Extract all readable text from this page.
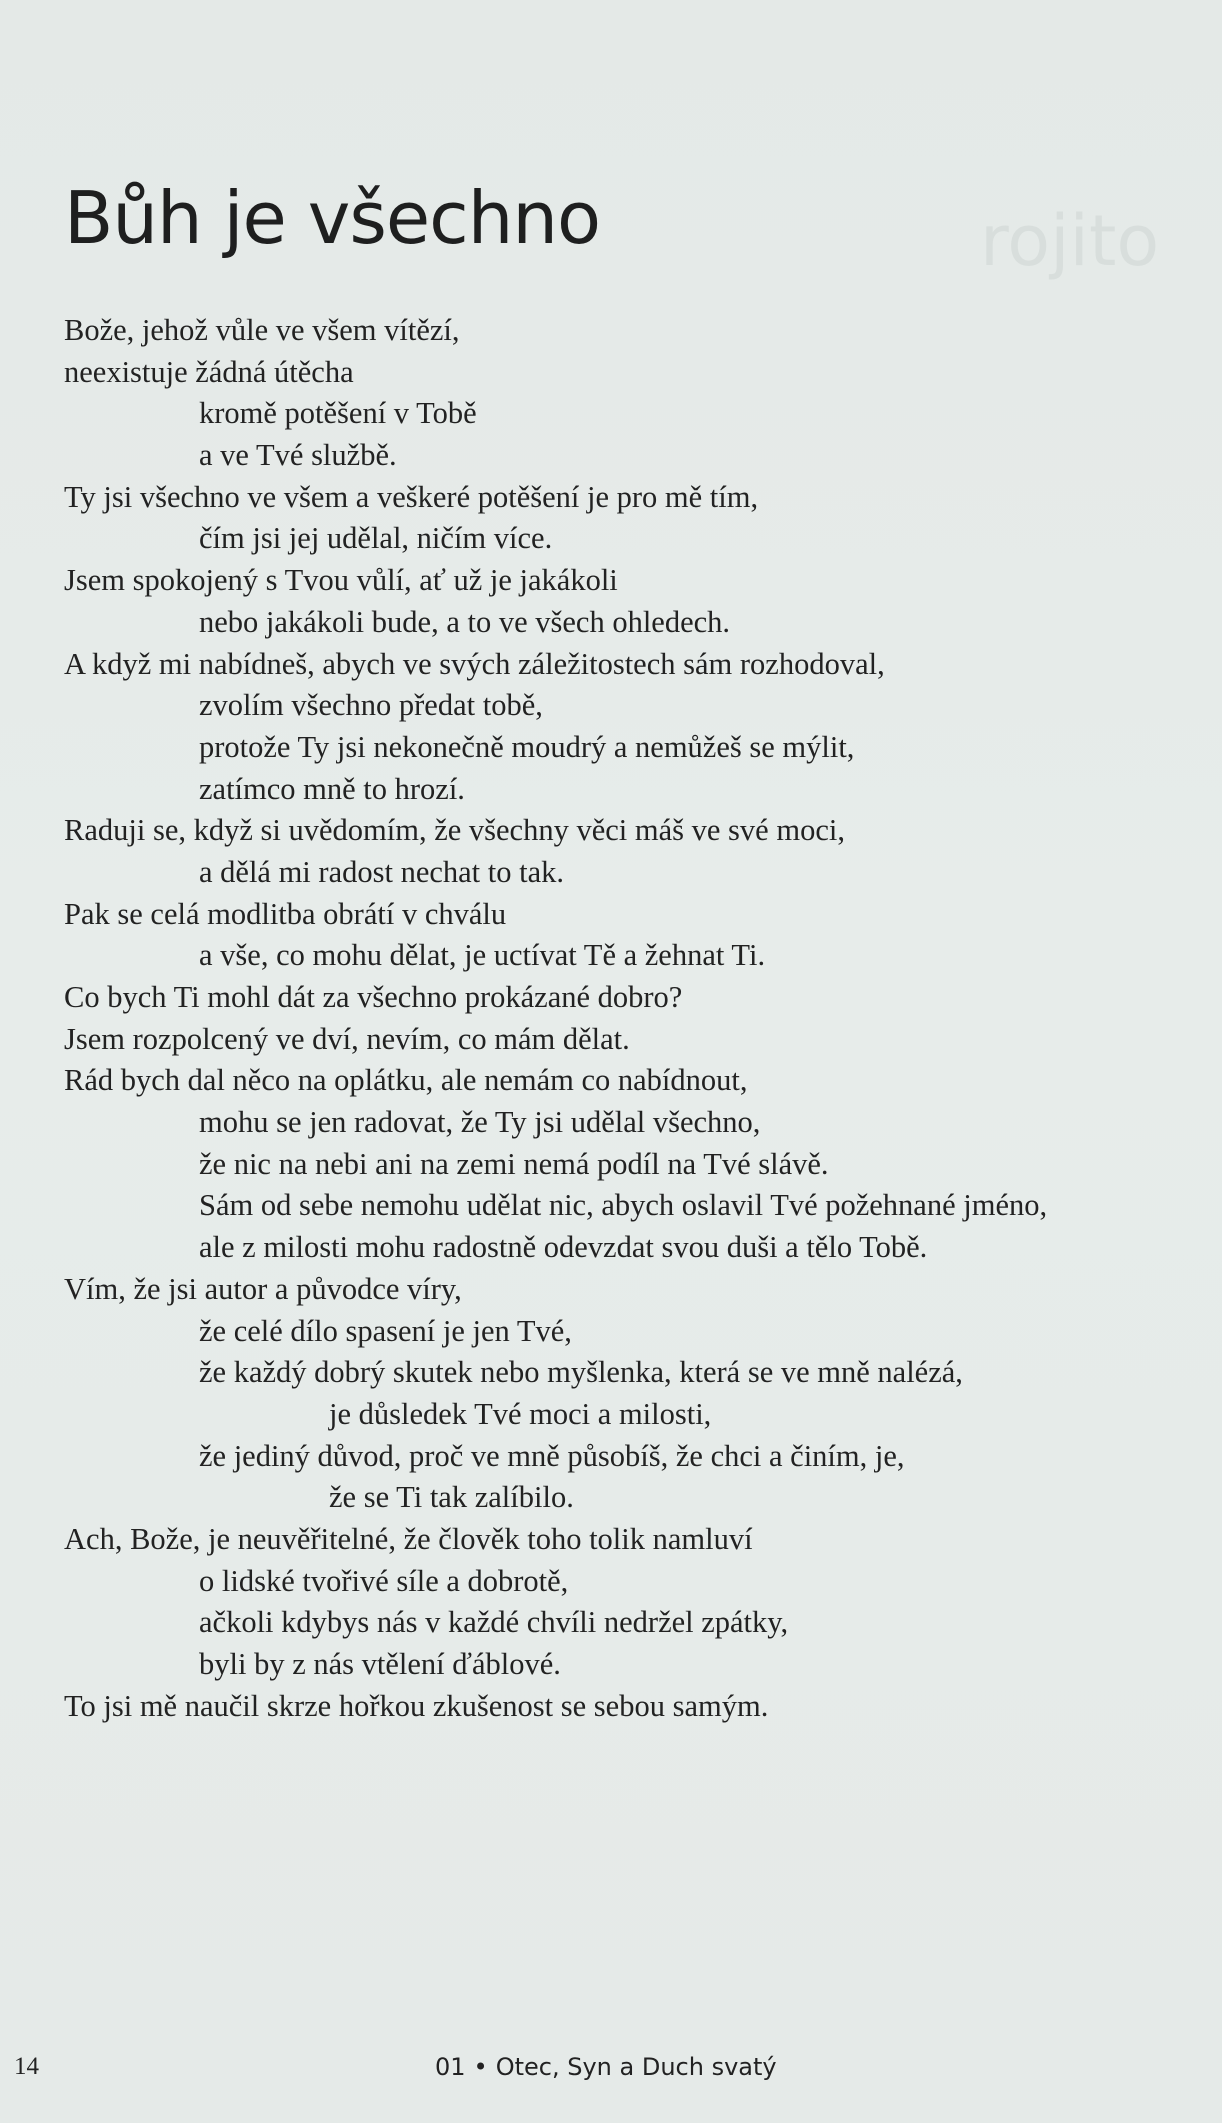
rojito
Bůh je všechno
Bože, jehož vůle ve všem vítězí,
neexistuje žádná útěcha
kromě potěšení v Tobě
a ve Tvé službě.
Ty jsi všechno ve všem a veškeré potěšení je pro mě tím,
čím jsi jej udělal, ničím více.
Jsem spokojený s Tvou vůlí, ať už je jakákoli
nebo jakákoli bude, a to ve všech ohledech.
A když mi nabídneš, abych ve svých záležitostech sám rozhodoval,
zvolím všechno předat tobě,
protože Ty jsi nekonečně moudrý a nemůžeš se mýlit,
zatímco mně to hrozí.
Raduji se, když si uvědomím, že všechny věci máš ve své moci,
a dělá mi radost nechat to tak.
Pak se celá modlitba obrátí v chválu
a vše, co mohu dělat, je uctívat Tě a žehnat Ti.
Co bych Ti mohl dát za všechno prokázané dobro?
Jsem rozpolcený ve dví, nevím, co mám dělat.
Rád bych dal něco na oplátku, ale nemám co nabídnout,
mohu se jen radovat, že Ty jsi udělal všechno,
že nic na nebi ani na zemi nemá podíl na Tvé slávě.
Sám od sebe nemohu udělat nic, abych oslavil Tvé požehnané jméno,
ale z milosti mohu radostně odevzdat svou duši a tělo Tobě.
Vím, že jsi autor a původce víry,
že celé dílo spasení je jen Tvé,
že každý dobrý skutek nebo myšlenka, která se ve mně nalézá,
je důsledek Tvé moci a milosti,
že jediný důvod, proč ve mně působíš, že chci a činím, je,
že se Ti tak zalíbilo.
Ach, Bože, je neuvěřitelné, že člověk toho tolik namluví
o lidské tvořivé síle a dobrotě,
ačkoli kdybys nás v každé chvíli nedržel zpátky,
byli by z nás vtělení ďáblové.
To jsi mě naučil skrze hořkou zkušenost se sebou samým.
14	01 • Otec, Syn a Duch svatý
